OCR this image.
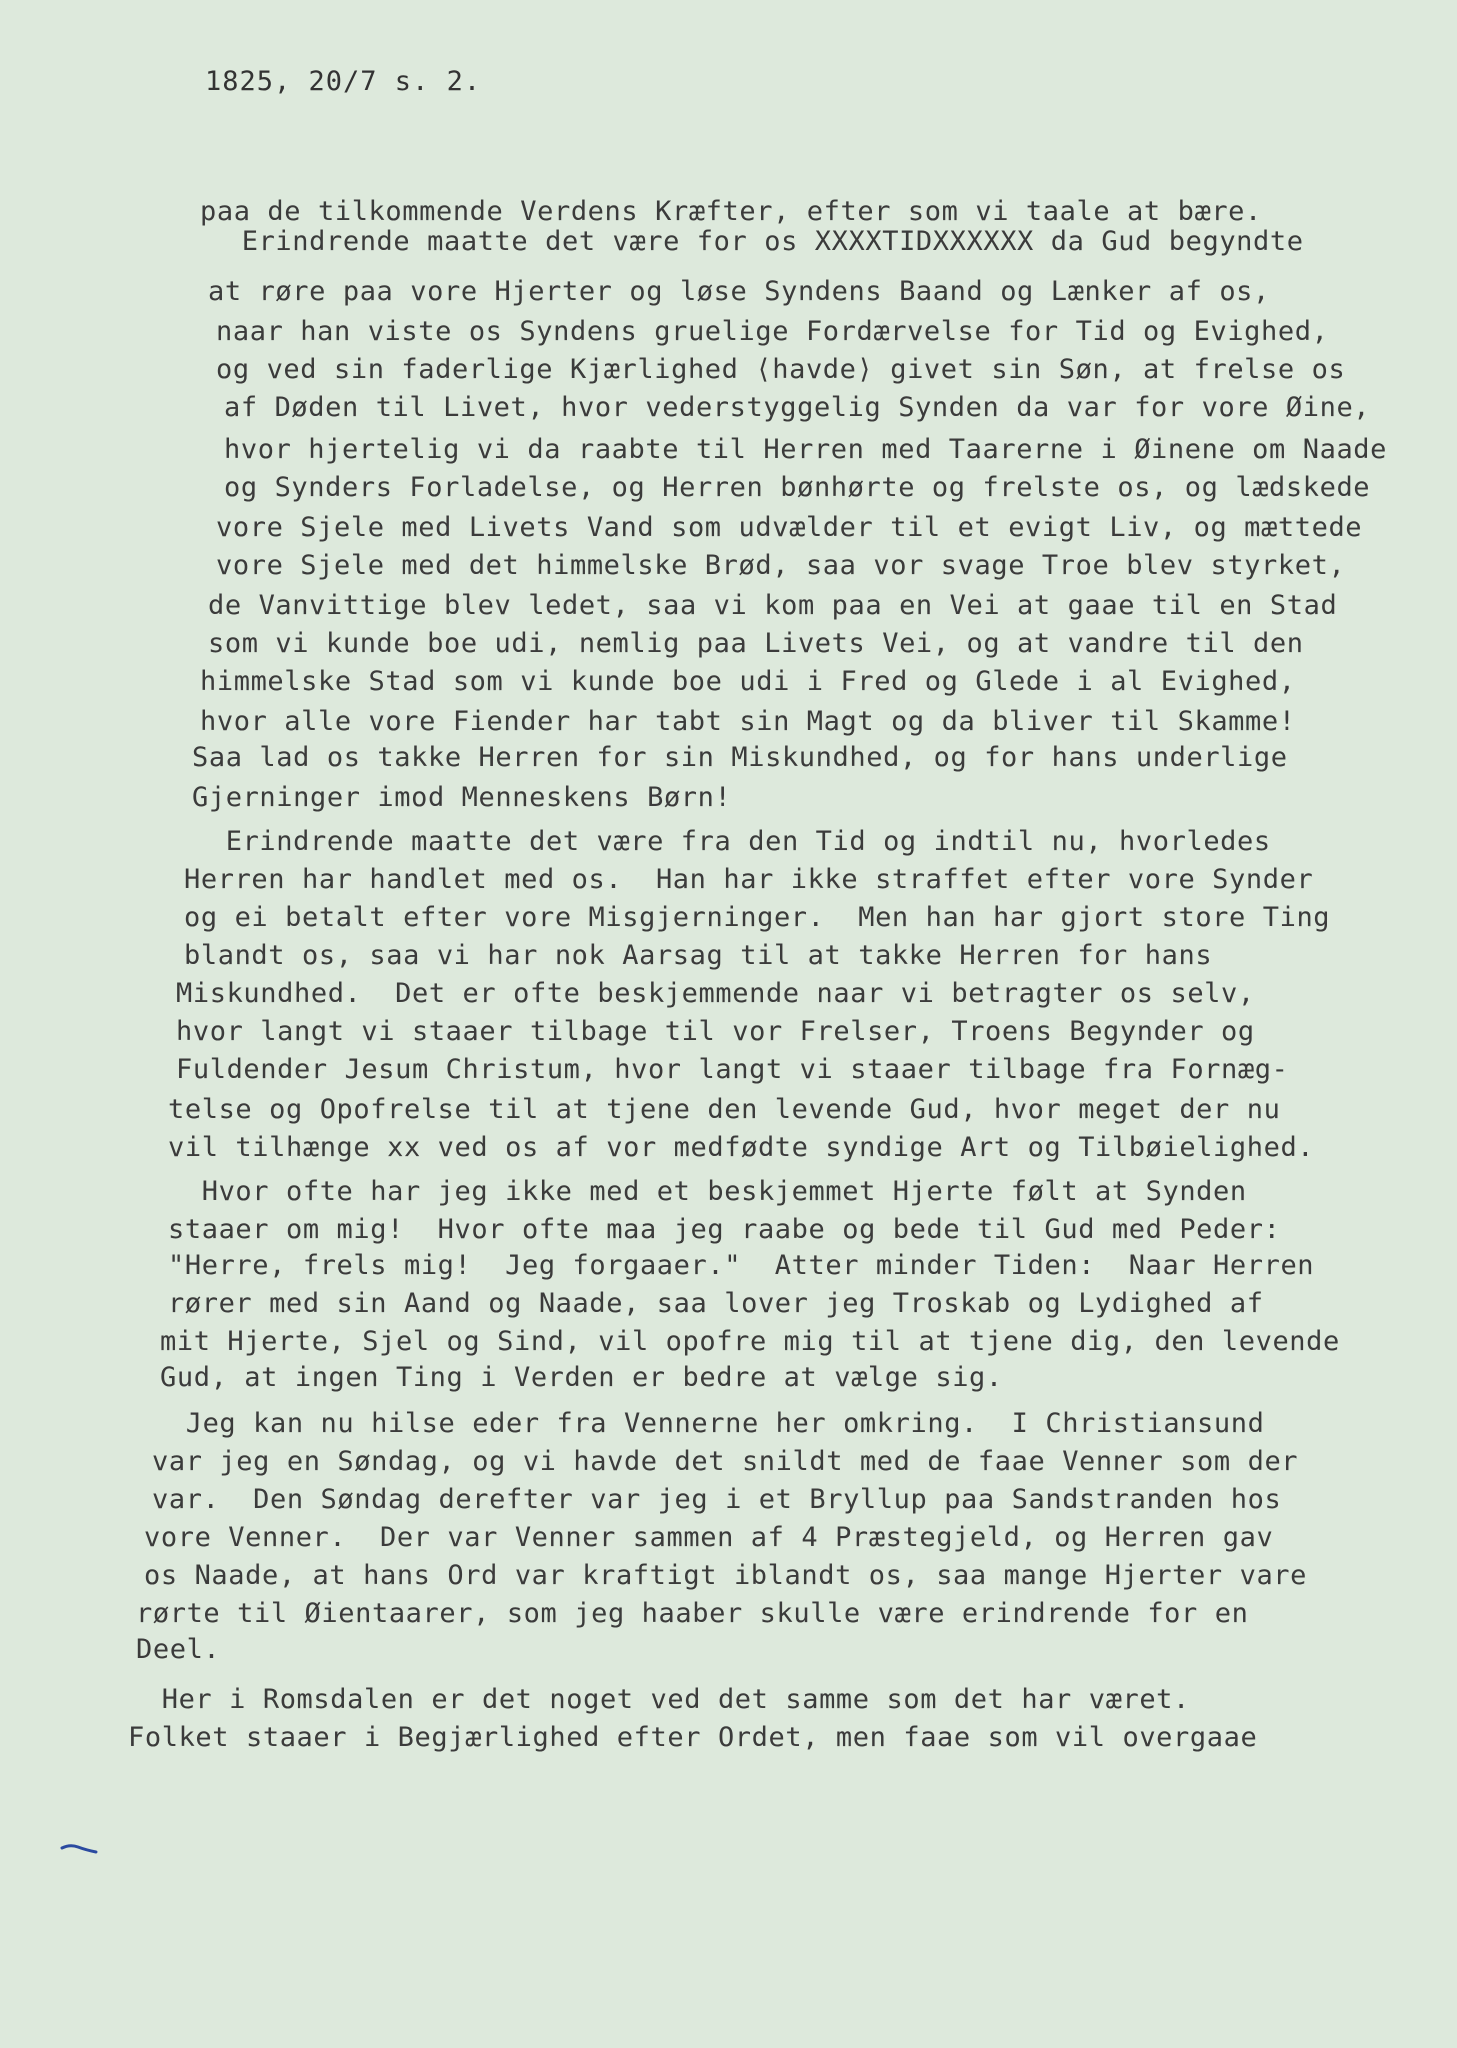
1825, 20/7 s. 2.
paa de tilkommende Verdens Kræfter, efter som vi taale at bære.
Erindrende maatte det være for os XXXXTIDXXXXXX da Gud begyndte
at røre paa vore Hjerter og løse Syndens Baand og Lænker af os,
naar han viste os Syndens gruelige Fordærvelse for Tid og Evighed,
og ved sin faderlige Kjærlighed ⟨havde⟩ givet sin Søn, at frelse os
af Døden til Livet, hvor vederstyggelig Synden da var for vore Øine,
hvor hjertelig vi da raabte til Herren med Taarerne i Øinene om Naade
og Synders Forladelse, og Herren bønhørte og frelste os, og lædskede
vore Sjele med Livets Vand som udvælder til et evigt Liv, og mættede
vore Sjele med det himmelske Brød, saa vor svage Troe blev styrket,
de Vanvittige blev ledet, saa vi kom paa en Vei at gaae til en Stad
som vi kunde boe udi, nemlig paa Livets Vei, og at vandre til den
himmelske Stad som vi kunde boe udi i Fred og Glede i al Evighed,
hvor alle vore Fiender har tabt sin Magt og da bliver til Skamme!
Saa lad os takke Herren for sin Miskundhed, og for hans underlige
Gjerninger imod Menneskens Børn!
Erindrende maatte det være fra den Tid og indtil nu, hvorledes
Herren har handlet med os.  Han har ikke straffet efter vore Synder
og ei betalt efter vore Misgjerninger.  Men han har gjort store Ting
blandt os, saa vi har nok Aarsag til at takke Herren for hans
Miskundhed.  Det er ofte beskjemmende naar vi betragter os selv,
hvor langt vi staaer tilbage til vor Frelser, Troens Begynder og
Fuldender Jesum Christum, hvor langt vi staaer tilbage fra Fornæg-
telse og Opofrelse til at tjene den levende Gud, hvor meget der nu
vil tilhænge xx ved os af vor medfødte syndige Art og Tilbøielighed.
Hvor ofte har jeg ikke med et beskjemmet Hjerte følt at Synden
staaer om mig!  Hvor ofte maa jeg raabe og bede til Gud med Peder:
"Herre, frels mig!  Jeg forgaaer."  Atter minder Tiden:  Naar Herren
rører med sin Aand og Naade, saa lover jeg Troskab og Lydighed af
mit Hjerte, Sjel og Sind, vil opofre mig til at tjene dig, den levende
Gud, at ingen Ting i Verden er bedre at vælge sig.
Jeg kan nu hilse eder fra Vennerne her omkring.  I Christiansund
var jeg en Søndag, og vi havde det snildt med de faae Venner som der
var.  Den Søndag derefter var jeg i et Bryllup paa Sandstranden hos
vore Venner.  Der var Venner sammen af 4 Præstegjeld, og Herren gav
os Naade, at hans Ord var kraftigt iblandt os, saa mange Hjerter vare
rørte til Øientaarer, som jeg haaber skulle være erindrende for en
Deel.
Her i Romsdalen er det noget ved det samme som det har været.
Folket staaer i Begjærlighed efter Ordet, men faae som vil overgaae
